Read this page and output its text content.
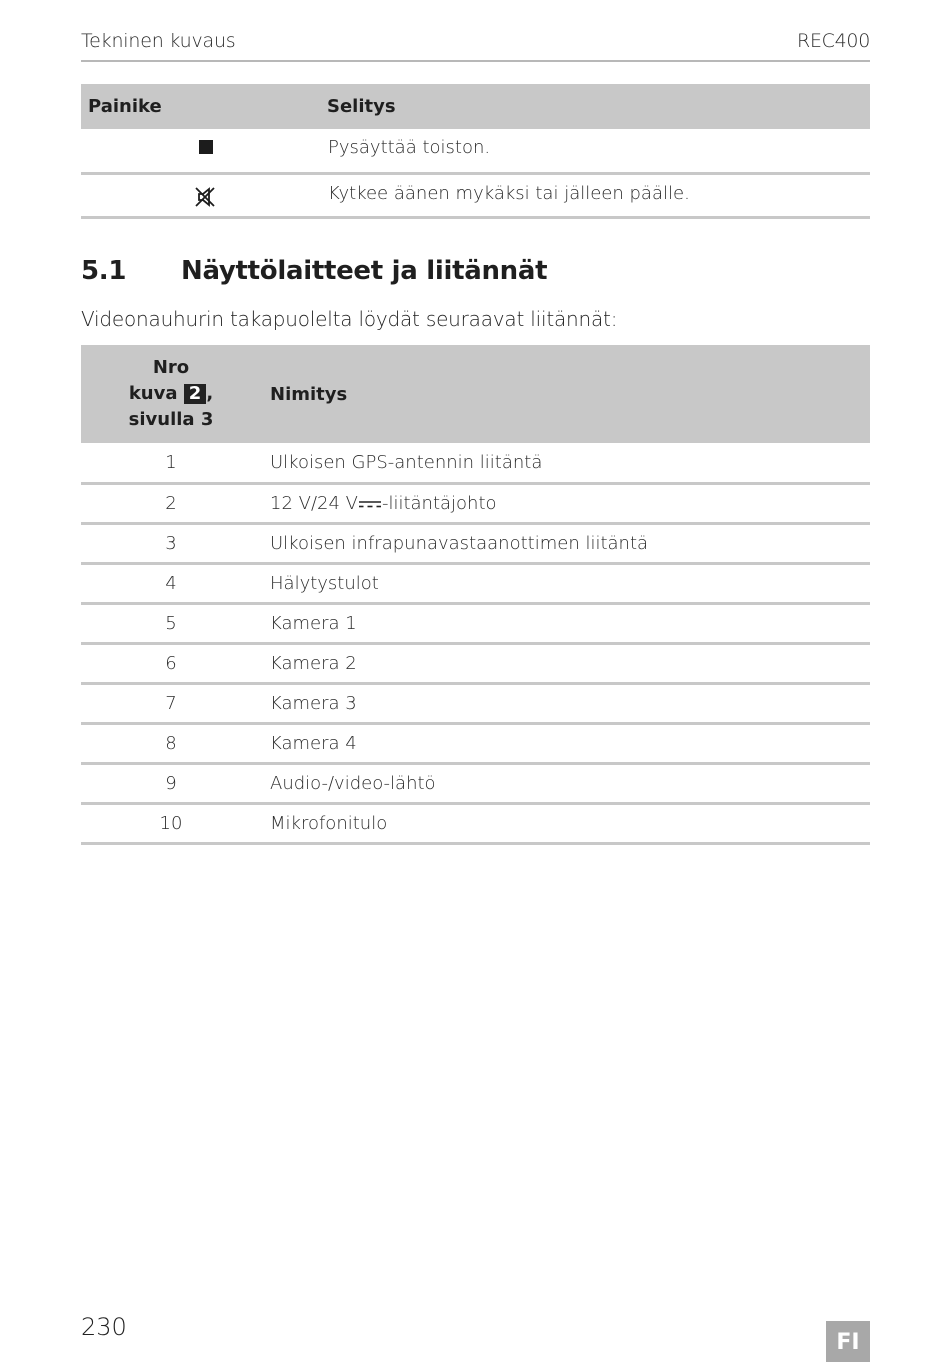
Tekninen kuvaus	REC400
Painike	Selitys
	Pysäyttää toiston.
	Kytkee äänen mykäksi tai jälleen päälle.
5.1 Näyttölaitteet ja liitännät
Videonauhurin takapuolelta löydät seuraavat liitännät:
Nro
kuva 2 ,
sivulla 3	Nimitys
1	Ulkoisen GPS-antennin liitäntä
2	12 V/24 V -liitäntäjohto
3	Ulkoisen infrapunavastaanottimen liitäntä
4	Hälytystulot
5	Kamera 1
6	Kamera 2
7	Kamera 3
8	Kamera 4
9	Audio-/video-lähtö
10	Mikrofonitulo
230
FI
